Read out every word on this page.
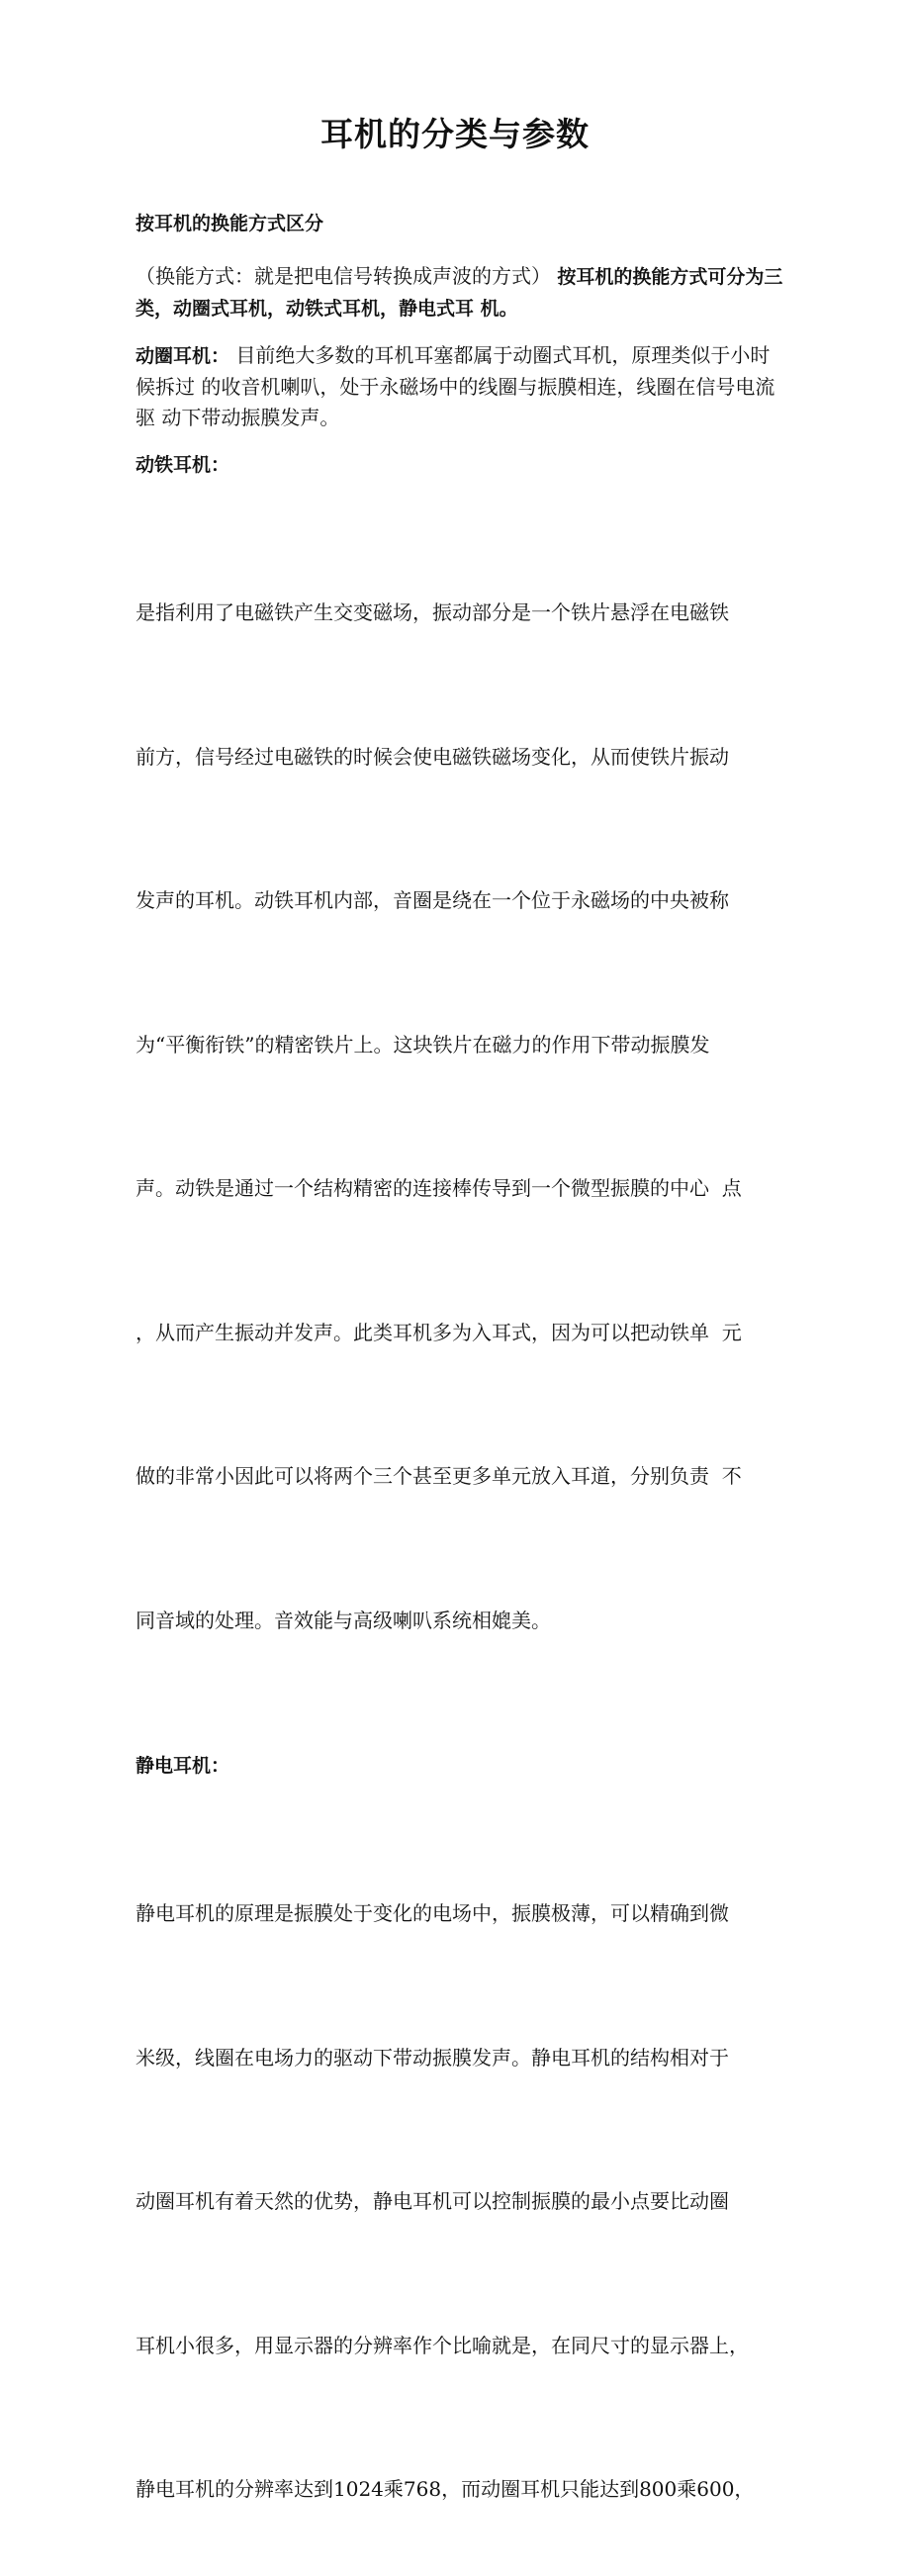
耳机的分类与参数
按耳机的换能方式区分

（换能方式：就是把电信号转换成声波的方式） 按耳机的换能方式可分为三类，动圈式耳机，动铁式耳机，静电式耳 机。

动圈耳机： 目前绝大多数的耳机耳塞都属于动圈式耳机，原理类似于小时候拆过 的收音机喇叭，处于永磁场中的线圈与振膜相连，线圈在信号电流驱 动下带动振膜发声。

动铁耳机：

是指利用了电磁铁产生交变磁场，振动部分是一个铁片悬浮在电磁铁

前方，信号经过电磁铁的时候会使电磁铁磁场变化，从而使铁片振动

发声的耳机。动铁耳机内部，音圈是绕在一个位于永磁场的中央被称

为“平衡衔铁”的精密铁片上。这块铁片在磁力的作用下带动振膜发

声。动铁是通过一个结构精密的连接棒传导到一个微型振膜的中心  点

，从而产生振动并发声。此类耳机多为入耳式，因为可以把动铁单  元

做的非常小因此可以将两个三个甚至更多单元放入耳道，分别负责  不

同音域的处理。音效能与高级喇叭系统相媲美。

静电耳机：

静电耳机的原理是振膜处于变化的电场中，振膜极薄，可以精确到微

米级，线圈在电场力的驱动下带动振膜发声。静电耳机的结构相对于

动圈耳机有着天然的优势，静电耳机可以控制振膜的最小点要比动圈

耳机小很多，用显示器的分辨率作个比喻就是，在同尺寸的显示器上，

静电耳机的分辨率达到1024乘768，而动圈耳机只能达到800乘600，
